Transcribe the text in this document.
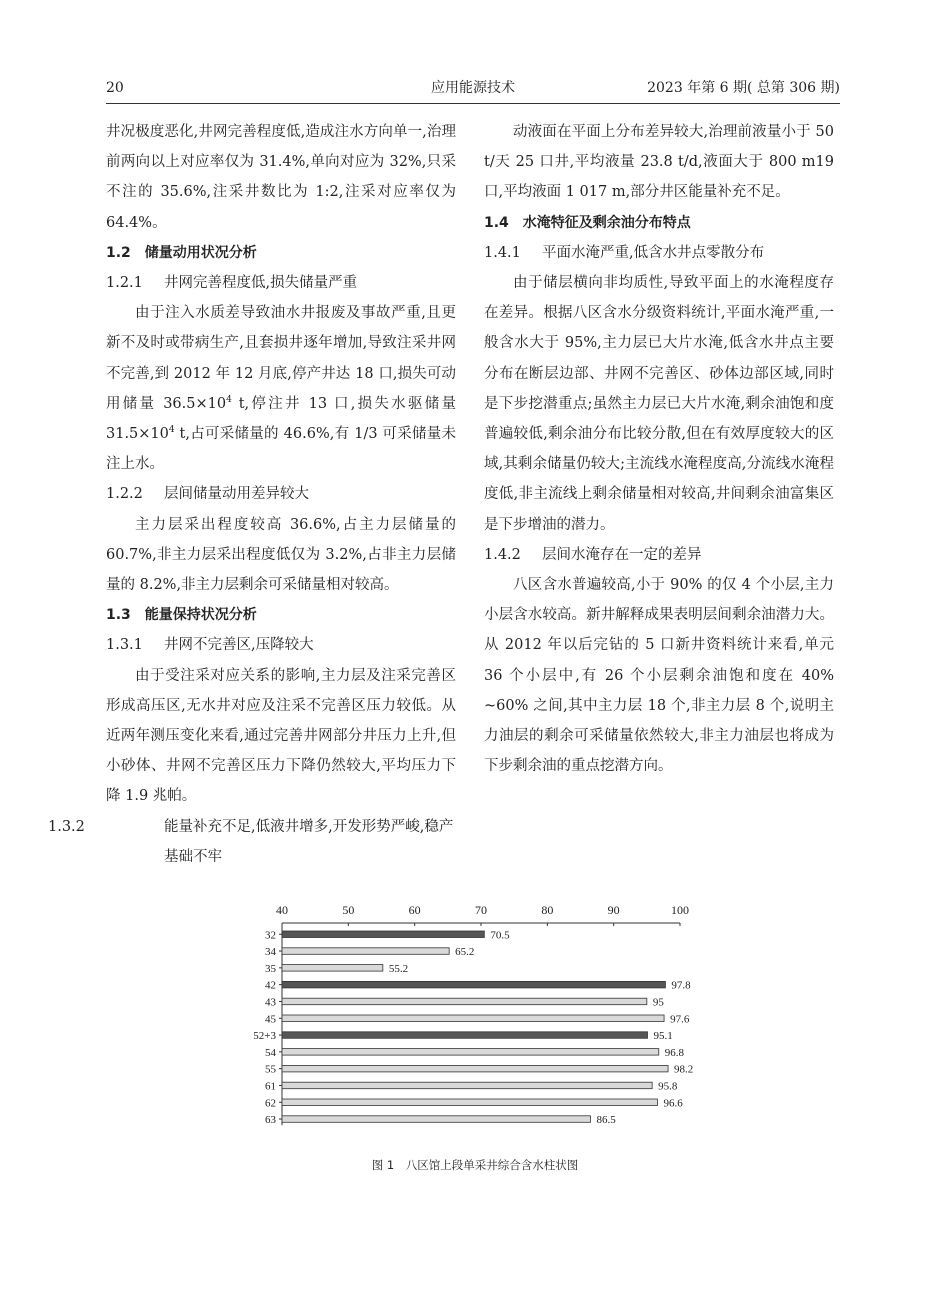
20	应用能源技术	2023 年第 6 期( 总第 306 期)

井况极度恶化,井网完善程度低,造成注水方向单一,治理前两向以上对应率仅为 31.4%,单向对应为 32%,只采不注的 35.6%,注采井数比为 1:2,注采对应率仅为 64.4%。

1.2　储量动用状况分析
1.2.1 井网完善程度低,损失储量严重

由于注入水质差导致油水井报废及事故严重,且更新不及时或带病生产,且套损井逐年增加,导致注采井网不完善,到 2012 年 12 月底,停产井达 18 口,损失可动用储量 $36.5\times 10^4$ t,停注井 13 口,损失水驱储量 $31.5\times 10^4$ t,占可采储量的 46.6%,有 1/3 可采储量未注上水。

1.2.2 层间储量动用差异较大

主力层采出程度较高 36.6%,占主力层储量的 60.7%,非主力层采出程度低仅为 3.2%,占非主力层储量的 8.2%,非主力层剩余可采储量相对较高。

1.3　能量保持状况分析
1.3.1 井网不完善区,压降较大

由于受注采对应关系的影响,主力层及注采完善区形成高压区,无水井对应及注采不完善区压力较低。从近两年测压变化来看,通过完善井网部分井压力上升,但小砂体、井网不完善区压力下降仍然较大,平均压力下降 1.9 兆帕。

1.3.2	能量补充不足,低液井增多,开发形势严峻,稳产基础不牢

动液面在平面上分布差异较大,治理前液量小于 50 t/天 25 口井,平均液量 23.8 t/d,液面大于 800 m19 口,平均液面 1 017 m,部分井区能量补充不足。

1.4　水淹特征及剩余油分布特点
1.4.1 平面水淹严重,低含水井点零散分布

由于储层横向非均质性,导致平面上的水淹程度存在差异。根据八区含水分级资料统计,平面水淹严重,一般含水大于 95%,主力层已大片水淹,低含水井点主要分布在断层边部、井网不完善区、砂体边部区域,同时是下步挖潜重点;虽然主力层已大片水淹,剩余油饱和度普遍较低,剩余油分布比较分散,但在有效厚度较大的区域,其剩余储量仍较大;主流线水淹程度高,分流线水淹程度低,非主流线上剩余储量相对较高,井间剩余油富集区是下步增油的潜力。

1.4.2 层间水淹存在一定的差异

八区含水普遍较高,小于 90% 的仅 4 个小层,主力小层含水较高。新井解释成果表明层间剩余油潜力大。从 2012 年以后完钻的 5 口新井资料统计来看,单元 36 个小层中,有 26 个小层剩余油饱和度在 40% ~60% 之间,其中主力层 18 个,非主力层 8 个,说明主力油层的剩余可采储量依然较大,非主力油层也将成为下步剩余油的重点挖潜方向。

40	50	60	70	80	90	100
32	70.5
34	65.2
35	55.2
42	97.8
43	95
45	97.6
52+3	95.1
54	96.8
55	98.2
61	95.8
62	96.6
63	86.5
图 1　八区馆上段单采井综合含水柱状图
